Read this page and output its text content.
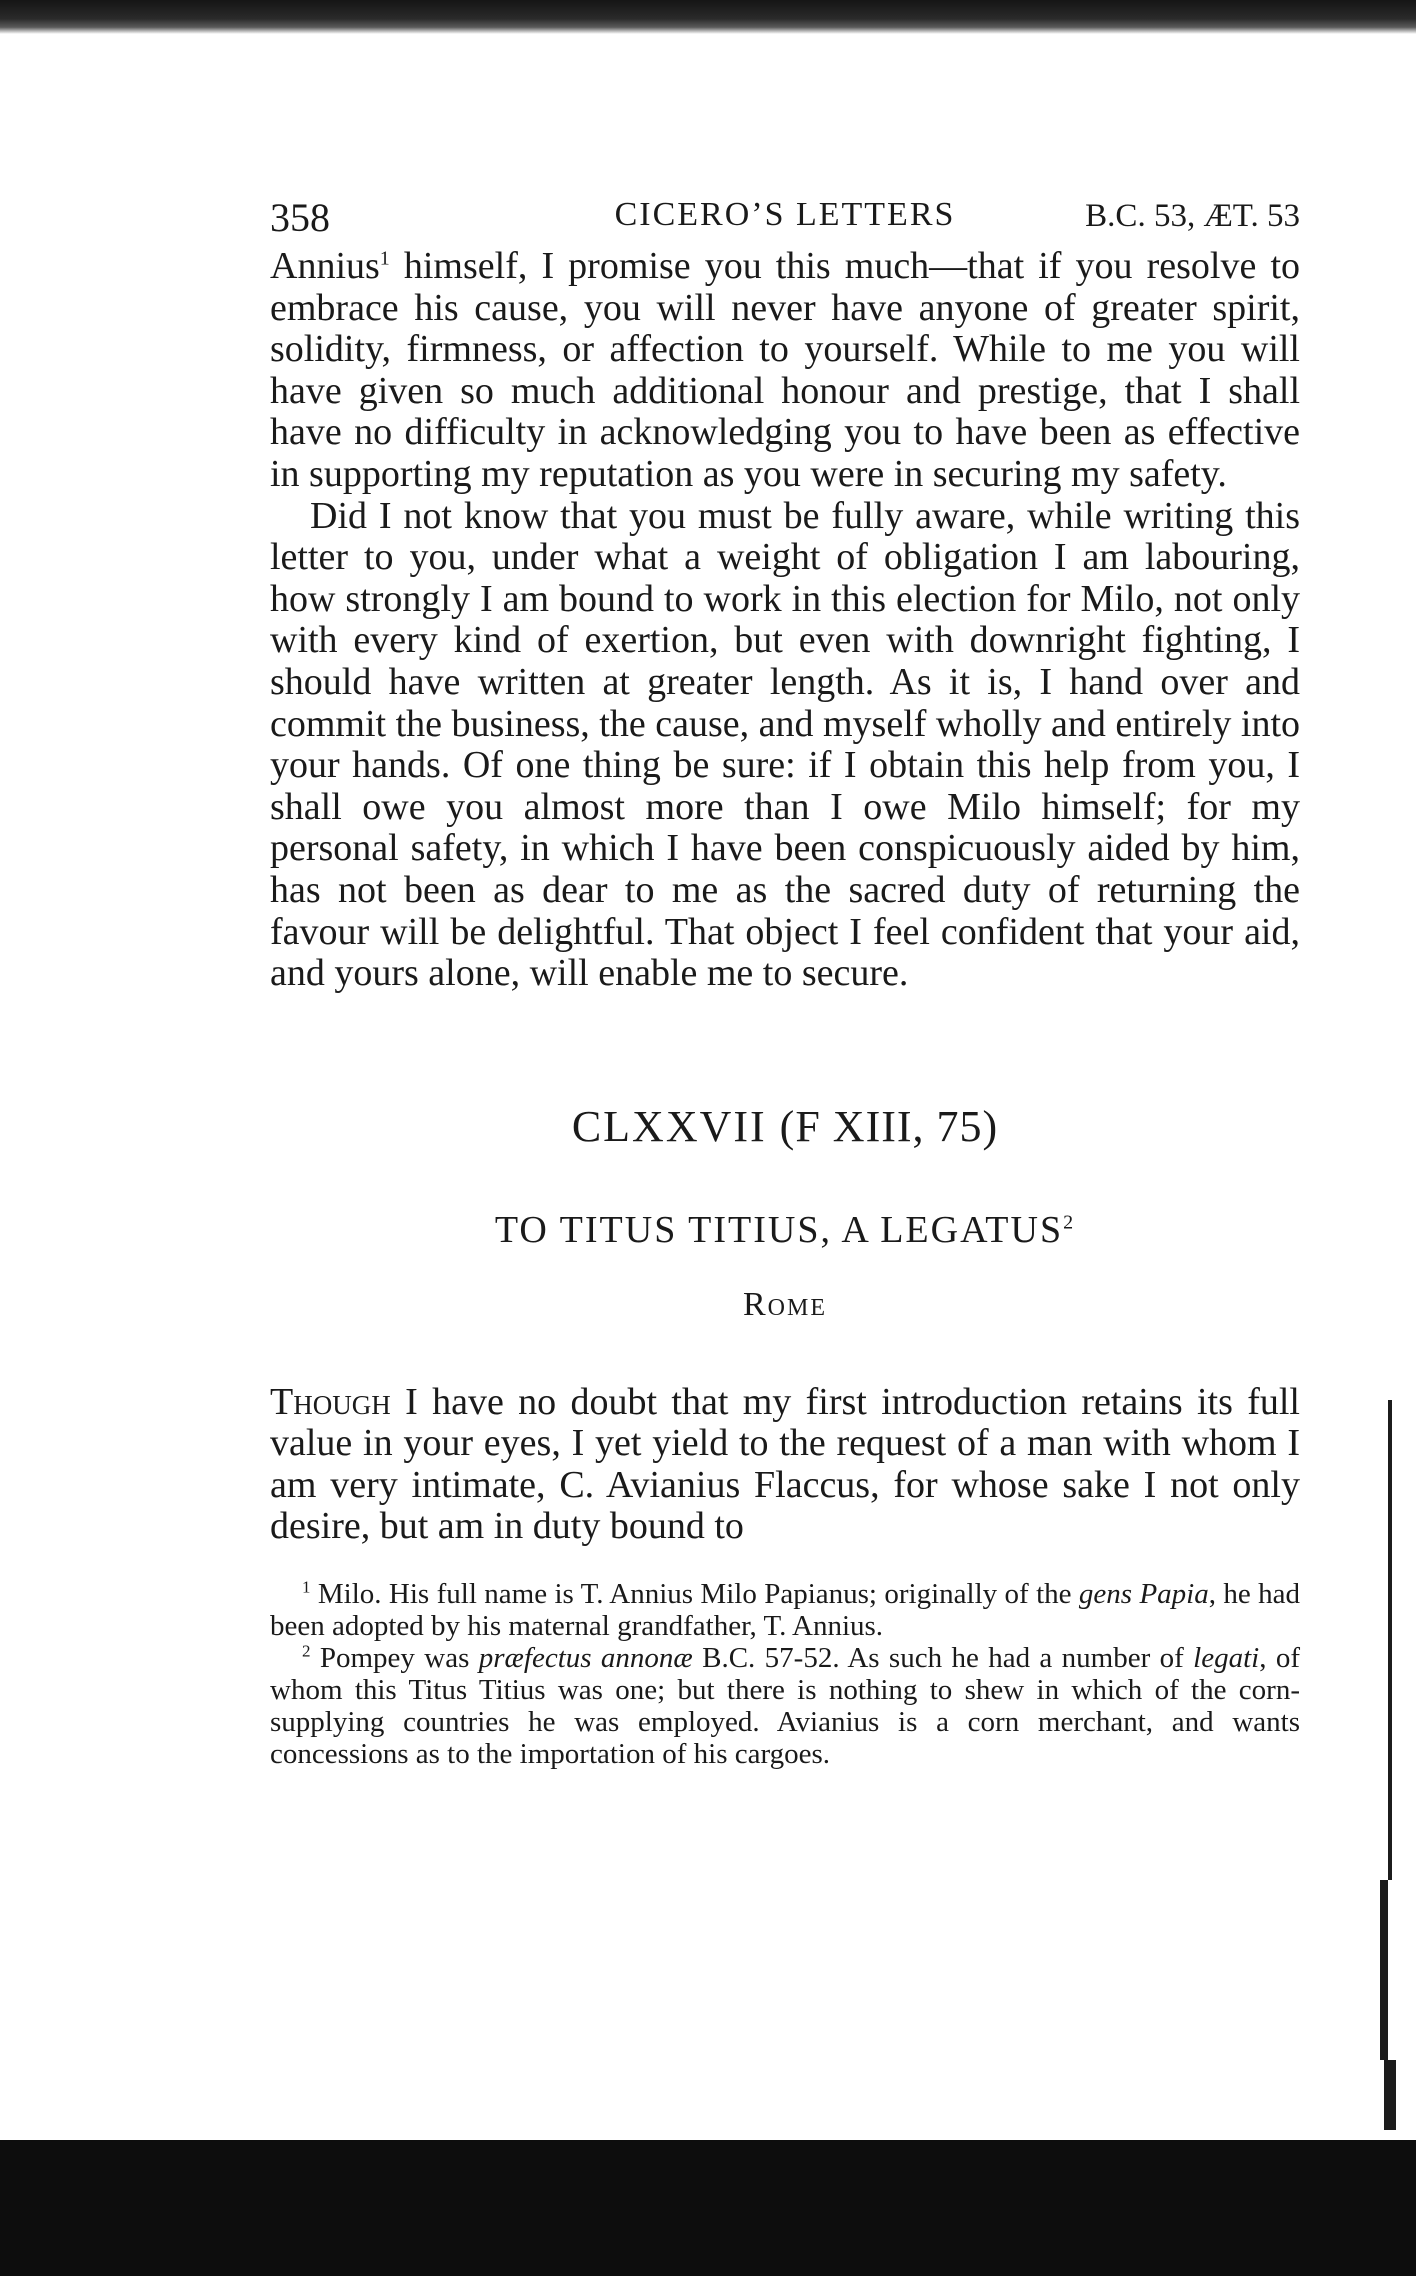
358	CICERO’S LETTERS	B.C. 53, ÆT. 53

Annius$^1$ himself, I promise you this much—that if you resolve to embrace his cause, you will never have anyone of greater spirit, solidity, firmness, or affection to yourself. While to me you will have given so much additional honour and prestige, that I shall have no difficulty in acknowledging you to have been as effective in supporting my reputation as you were in securing my safety.

Did I not know that you must be fully aware, while writing this letter to you, under what a weight of obligation I am labouring, how strongly I am bound to work in this election for Milo, not only with every kind of exertion, but even with downright fighting, I should have written at greater length. As it is, I hand over and commit the business, the cause, and myself wholly and entirely into your hands. Of one thing be sure: if I obtain this help from you, I shall owe you almost more than I owe Milo himself; for my personal safety, in which I have been conspicuously aided by him, has not been as dear to me as the sacred duty of returning the favour will be delightful. That object I feel confident that your aid, and yours alone, will enable me to secure.

CLXXVII (F XIII, 75)
TO TITUS TITIUS, A LEGATUS$^2$
Rome

Though I have no doubt that my first introduction retains its full value in your eyes, I yet yield to the request of a man with whom I am very intimate, C. Avianius Flaccus, for whose sake I not only desire, but am in duty bound to

$^1$ Milo. His full name is T. Annius Milo Papianus; originally of the gens Papia, he had been adopted by his maternal grandfather, T. Annius.

$^2$ Pompey was præfectus annonæ B.C. 57-52. As such he had a number of legati, of whom this Titus Titius was one; but there is nothing to shew in which of the corn-supplying countries he was employed. Avianius is a corn merchant, and wants concessions as to the importation of his cargoes.
